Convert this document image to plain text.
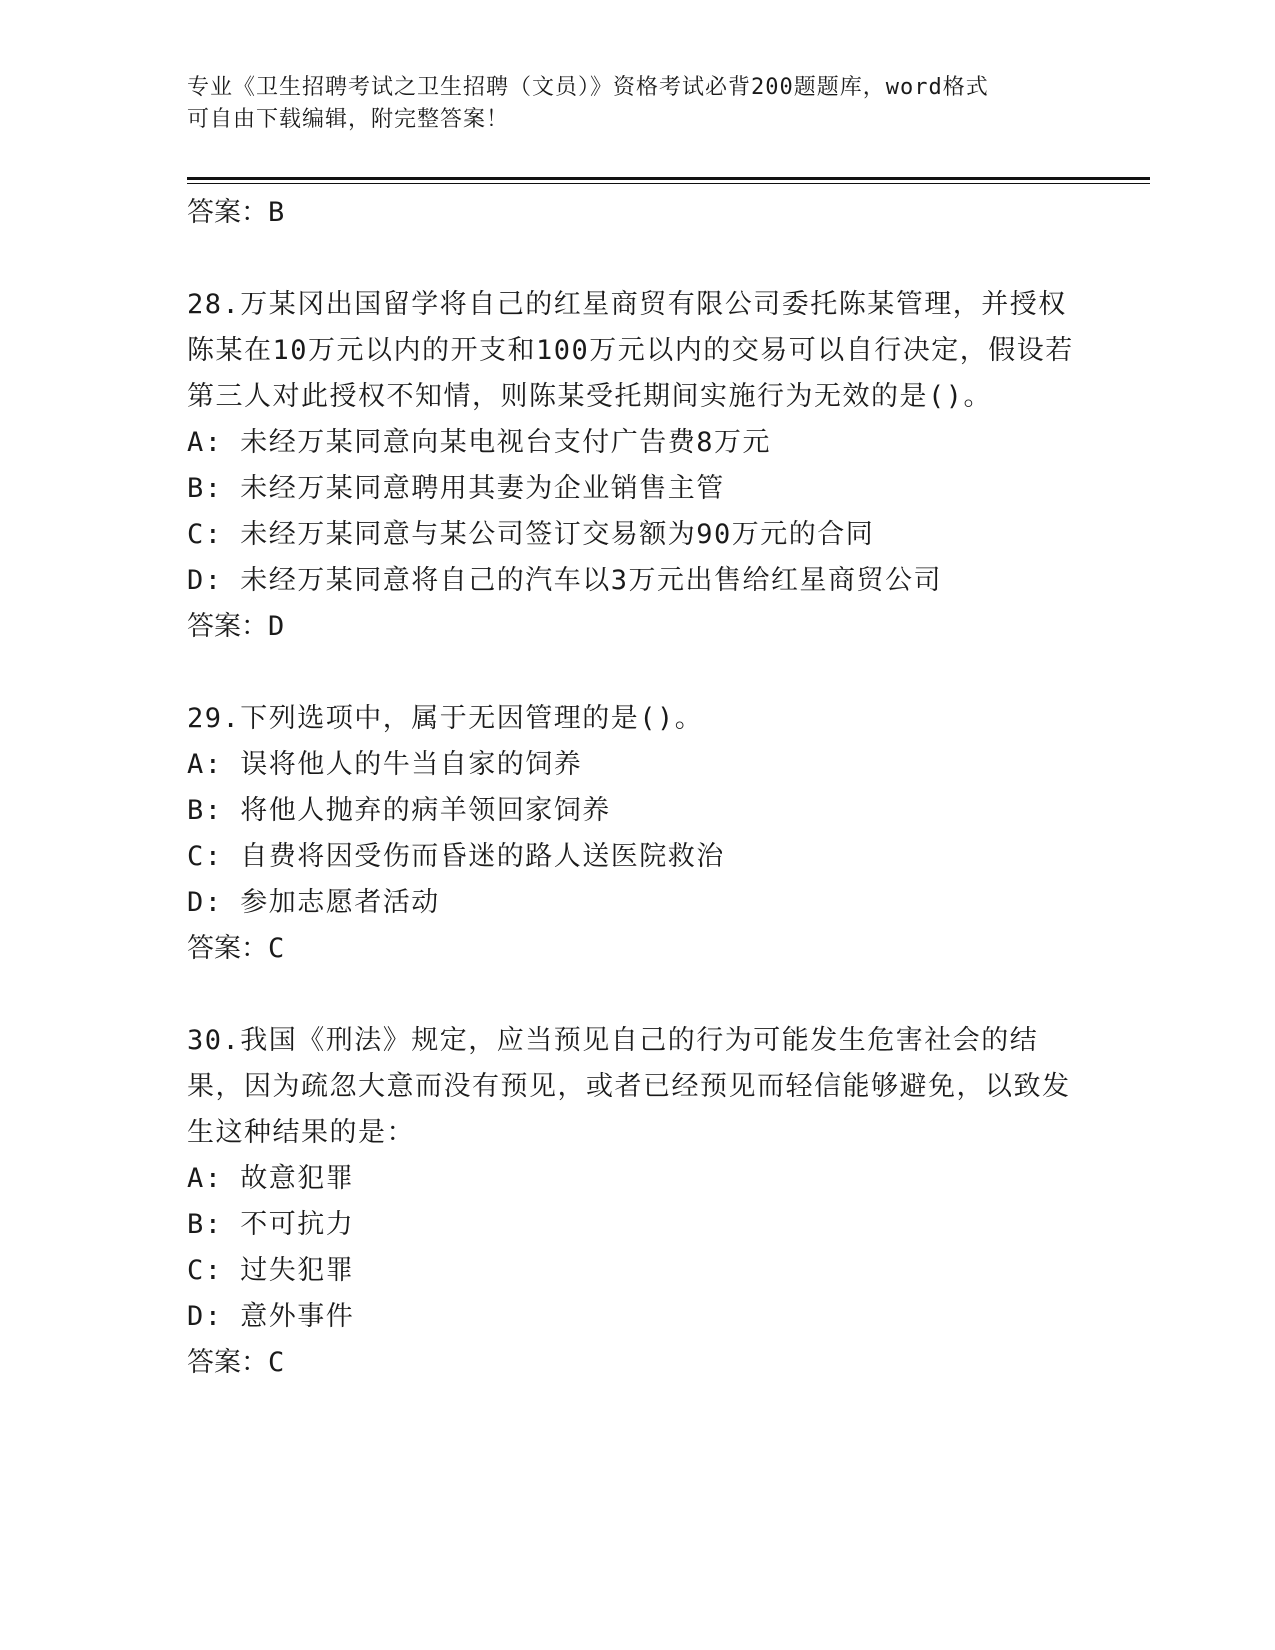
专业《卫生招聘考试之卫生招聘（文员）》资格考试必背200题题库，word格式
可自由下载编辑，附完整答案！
答案：B
28.万某冈出国留学将自己的红星商贸有限公司委托陈某管理，并授权陈某在10万元以内的开支和100万元以内的交易可以自行决定，假设若第三人对此授权不知情，则陈某受托期间实施行为无效的是()。
A: 未经万某同意向某电视台支付广告费8万元
B: 未经万某同意聘用其妻为企业销售主管
C: 未经万某同意与某公司签订交易额为90万元的合同
D: 未经万某同意将自己的汽车以3万元出售给红星商贸公司
答案：D
29.下列选项中，属于无因管理的是()。
A: 误将他人的牛当自家的饲养
B: 将他人抛弃的病羊领回家饲养
C: 自费将因受伤而昏迷的路人送医院救治
D: 参加志愿者活动
答案：C
30.我国《刑法》规定，应当预见自己的行为可能发生危害社会的结果，因为疏忽大意而没有预见，或者已经预见而轻信能够避免，以致发生这种结果的是：
A: 故意犯罪
B: 不可抗力
C: 过失犯罪
D: 意外事件
答案：C
